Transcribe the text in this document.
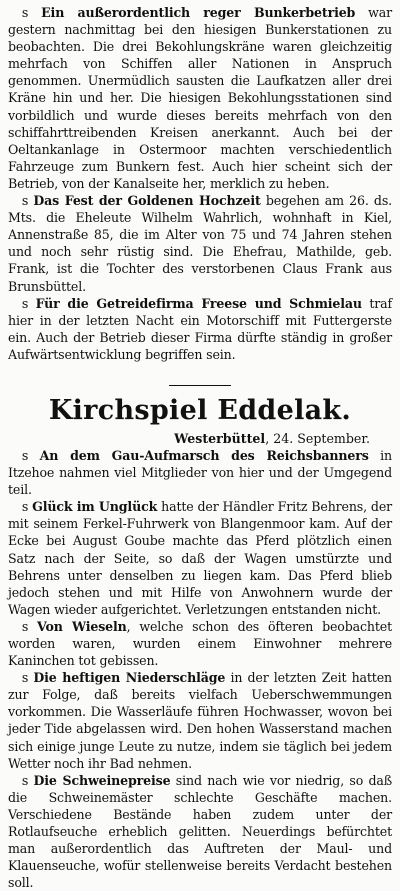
s Ein außerordentlich reger Bunkerbetrieb war gestern nachmittag bei den hiesigen Bunkerstationen zu beobachten. Die drei Bekohlungskräne waren gleichzeitig mehrfach von Schiffen aller Nationen in Anspruch genommen. Unermüdlich sausten die Laufkatzen aller drei Kräne hin und her. Die hiesigen Bekohlungsstationen sind vorbildlich und wurde dieses bereits mehrfach von den schiffahrttreibenden Kreisen anerkannt. Auch bei der Oeltankanlage in Ostermoor machten verschiedentlich Fahrzeuge zum Bunkern fest. Auch hier scheint sich der Betrieb, von der Kanalseite her, merklich zu heben.

s Das Fest der Goldenen Hochzeit begehen am 26. ds. Mts. die Eheleute Wilhelm Wahrlich, wohnhaft in Kiel, Annenstraße 85, die im Alter von 75 und 74 Jahren stehen und noch sehr rüstig sind. Die Ehefrau, Mathilde, geb. Frank, ist die Tochter des verstorbenen Claus Frank aus Brunsbüttel.

s Für die Getreidefirma Freese und Schmielau traf hier in der letzten Nacht ein Motorschiff mit Futtergerste ein. Auch der Betrieb dieser Firma dürfte ständig in großer Aufwärtsentwicklung begriffen sein.

Kirchspiel Eddelak.

Westerbüttel, 24. September.

s An dem Gau-Aufmarsch des Reichsbanners in Itzehoe nahmen viel Mitglieder von hier und der Umgegend teil.

s Glück im Unglück hatte der Händler Fritz Behrens, der mit seinem Ferkel-Fuhrwerk von Blangenmoor kam. Auf der Ecke bei August Goube machte das Pferd plötzlich einen Satz nach der Seite, so daß der Wagen umstürzte und Behrens unter denselben zu liegen kam. Das Pferd blieb jedoch stehen und mit Hilfe von Anwohnern wurde der Wagen wieder aufgerichtet. Verletzungen entstanden nicht.

s Von Wieseln, welche schon des öfteren beobachtet worden waren, wurden einem Einwohner mehrere Kaninchen tot gebissen.

s Die heftigen Niederschläge in der letzten Zeit hatten zur Folge, daß bereits vielfach Ueberschwemmungen vorkommen. Die Wasserläufe führen Hochwasser, wovon bei jeder Tide abgelassen wird. Den hohen Wasserstand machen sich einige junge Leute zu nutze, indem sie täglich bei jedem Wetter noch ihr Bad nehmen.

s Die Schweinepreise sind nach wie vor niedrig, so daß die Schweinemäster schlechte Geschäfte machen. Verschiedene Bestände haben zudem unter der Rotlaufseuche erheblich gelitten. Neuerdings befürchtet man außerordentlich das Auftreten der Maul- und Klauenseuche, wofür stellenweise bereits Verdacht bestehen soll.
